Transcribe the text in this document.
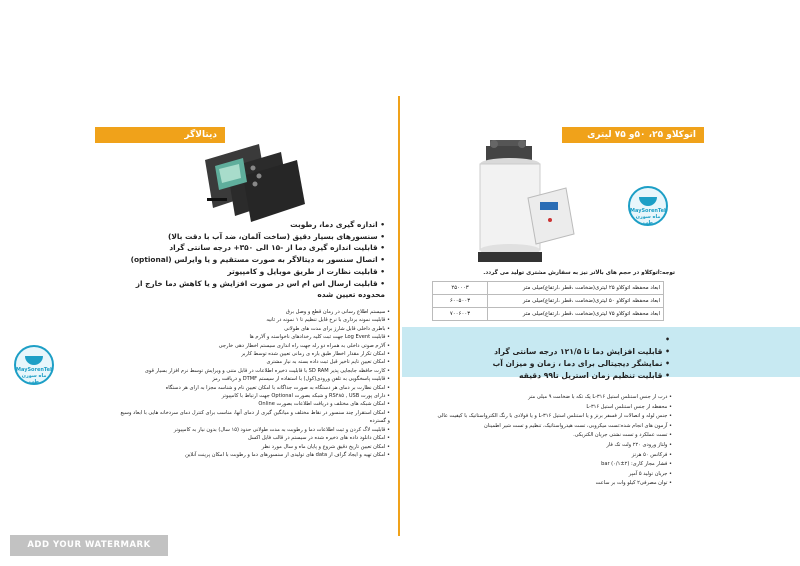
دیتالاگر
• اندازه گیری دما، رطوبت
• سنسورهای بسیار دقیق (ساخت آلمان، ضد آب با دقت بالا)
• قابلیت اندازه گیری دما از -۱۵ الی ۳۵۰+ درجه سانتی گراد
• اتصال سنسور به دیتالاگر به صورت مستقیم و یا وایرلس (optional)
• قابلیت نظارت از طریق موبایل و کامپیوتر
• قابلیت ارسال اس ام اس در صورت افزایش و یا کاهش دما خارج از محدوده تعیین شده
• سیستم اطلاع رسانی در زمان قطع و وصل برق
• قابلیت نمونه برداری با نرخ قابل تنظیم تا ۱ نمونه در ثانیه
• باطری داخلی قابل شارژ برای مدت های طولانی
• قابلیت Log Event جهت ثبت کلیه رخدادهای ناخواسته و آلارم ها
• آلارم صوتی داخلی به همراه دو رله جهت راه اندازی سیستم اخطار دهی خارجی
• امکان تکرار مقدار اخطار طبق بازه ی زمانی تعیین شده توسط کاربر
• امکان تعیین تایم تاخیر قبل ثبت داده بسته به نیاز مشتری
• کارت حافظه جابجایی پذیر SD RAM با قابلیت ذخیره اطلاعات در قابل متنی و ویرایش توسط نرم افزار بسیار قوی
• قابلیت پاسخگویی به تلفن ورودی(کول) با استفاده از سیستم DTMF و دریافت رمز
• امکان نظارت بر دمای هر دستگاه به صورت جداگانه با امکان تعیین نام و شناسه مجزا به ازای هر دستگاه
• دارای پورت RS۴۸۵ , USB و شبکه بصورت Optional جهت ارتباط با کامپیوتر
• امکان شبکه های مختلف و دریافت اطلاعات بصورت Online
• امکان استقرار چند سنسور در نقاط مختلف و میانگین گیری از دمای آنها، مناسب برای کنترل دمای سردخانه هایی با ابعاد وسیع و گسترده
• قابلیت لاگ کردن و ثبت اطلاعات دما و رطوبت به مدت طولانی حدود (۱۵ سال) بدون نیاز به کامپیوتر
• امکان دانلود داده های ذخیره شده در سیستم در قالب فایل اکسل
• امکان تعیین تاریخ دقیق شروع و پایان ماه و سال مورد نظر
• امکان تهیه و ایجاد گراف از data های تولیدی از سنسورهای دما و رطوبت با امکان پرینت آنلاین
MaySorenTeb
ماه سورن طب
اتوکلاو ۲۵، ۵۰و ۷۵ لیتری دیجیتال
MaySorenTeb
ماه سورن طب
توجه:اتوکلاو در حجم های بالاتر نیز به سفارش مشتری تولید می گردد.
ابعاد محفظه اتوکلاو ۲۵ لیتری(ضخامت ،قطر ،ارتفاع)میلی متر	۲۵۰۰۰۳
ابعاد محفظه اتوکلاو ۵۰ لیتری(ضخامت ،قطر ،ارتفاع)میلی متر	۶۰۰۵۰۰۳
ابعاد محفظه اتوکلاو ۷۵ لیتری(ضخامت ،قطر ،ارتفاع)میلی متر	۷۰۰۶۰۰۳
• • قابلیت افزایش دما تا ۱۲۱/۵ درجه سانتی گراد
• نمایشگر دیجیتالی برای دما ، زمان و میزان آب
• قابلیت تنظیم زمان استریل تا۹۹ دقیقه
• درب از جنس استنلس استیل L-۳۱۶ یک تکه با ضخامت ۹ میلی متر
• محفظه از جنس استنلس استیل L-۳۱۶
• جنس لوله و اتصالات از فسفر برنز و یا استنلس استیل L-۳۱۶ و یا فولادی با رنگ الکترواستاتیک با کیفیت عالی
• آزمون های انجام شده:تست میکروبی، تست هیدرواستاتیک، تنظیم و تست شیر اطمینان
• تست عملکرد و تست نشتی جریان الکتریکی.
• ولتاژ ورودی ۲۲۰ ولت تک فاز
• فرکانس ۵۰ هرتز
• فشار مجاز کاری: bar (۰/۱±۲)
• جریان تولید ۵ آمپر
• توان مصرفی۲ کیلو وات بر ساعت
ADD YOUR WATERMARK
